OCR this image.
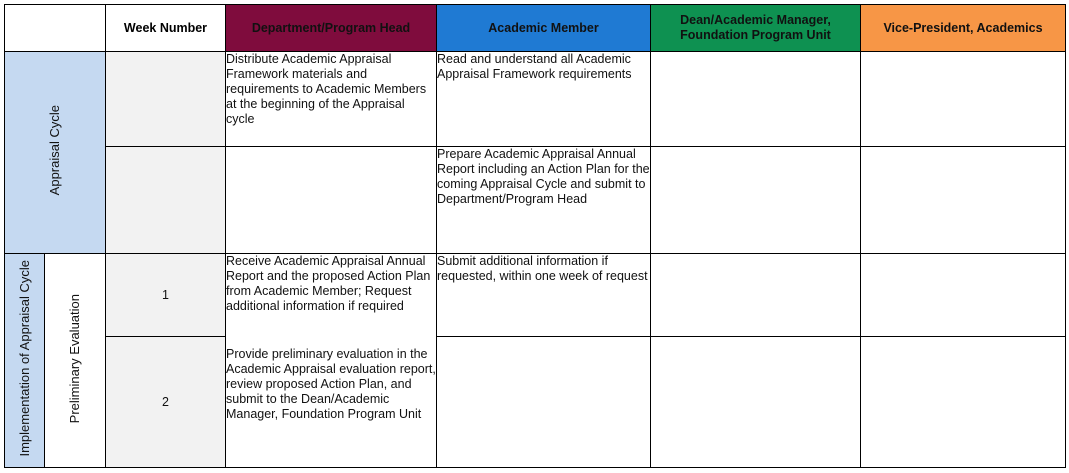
		Week Number	Department/Program Head	Academic Member	Dean/Academic Manager, Foundation Program Unit	Vice-President, Academics
Appraisal Cycle			Distribute Academic Appraisal Framework materials and requirements to Academic Members at the beginning of the Appraisal cycle	Read and understand all Academic Appraisal Framework requirements		
				Prepare Academic Appraisal Annual Report including an Action Plan for the coming Appraisal Cycle and submit to Department/Program Head		
Implementation of Appraisal Cycle	Preliminary Evaluation	1	Receive Academic Appraisal Annual Report and the proposed Action Plan from Academic Member; Request additional information if required	Submit additional information if requested, within one week of request		
		2	Provide preliminary evaluation in the Academic Appraisal evaluation report, review proposed Action Plan, and submit to the Dean/Academic Manager, Foundation Program Unit			
